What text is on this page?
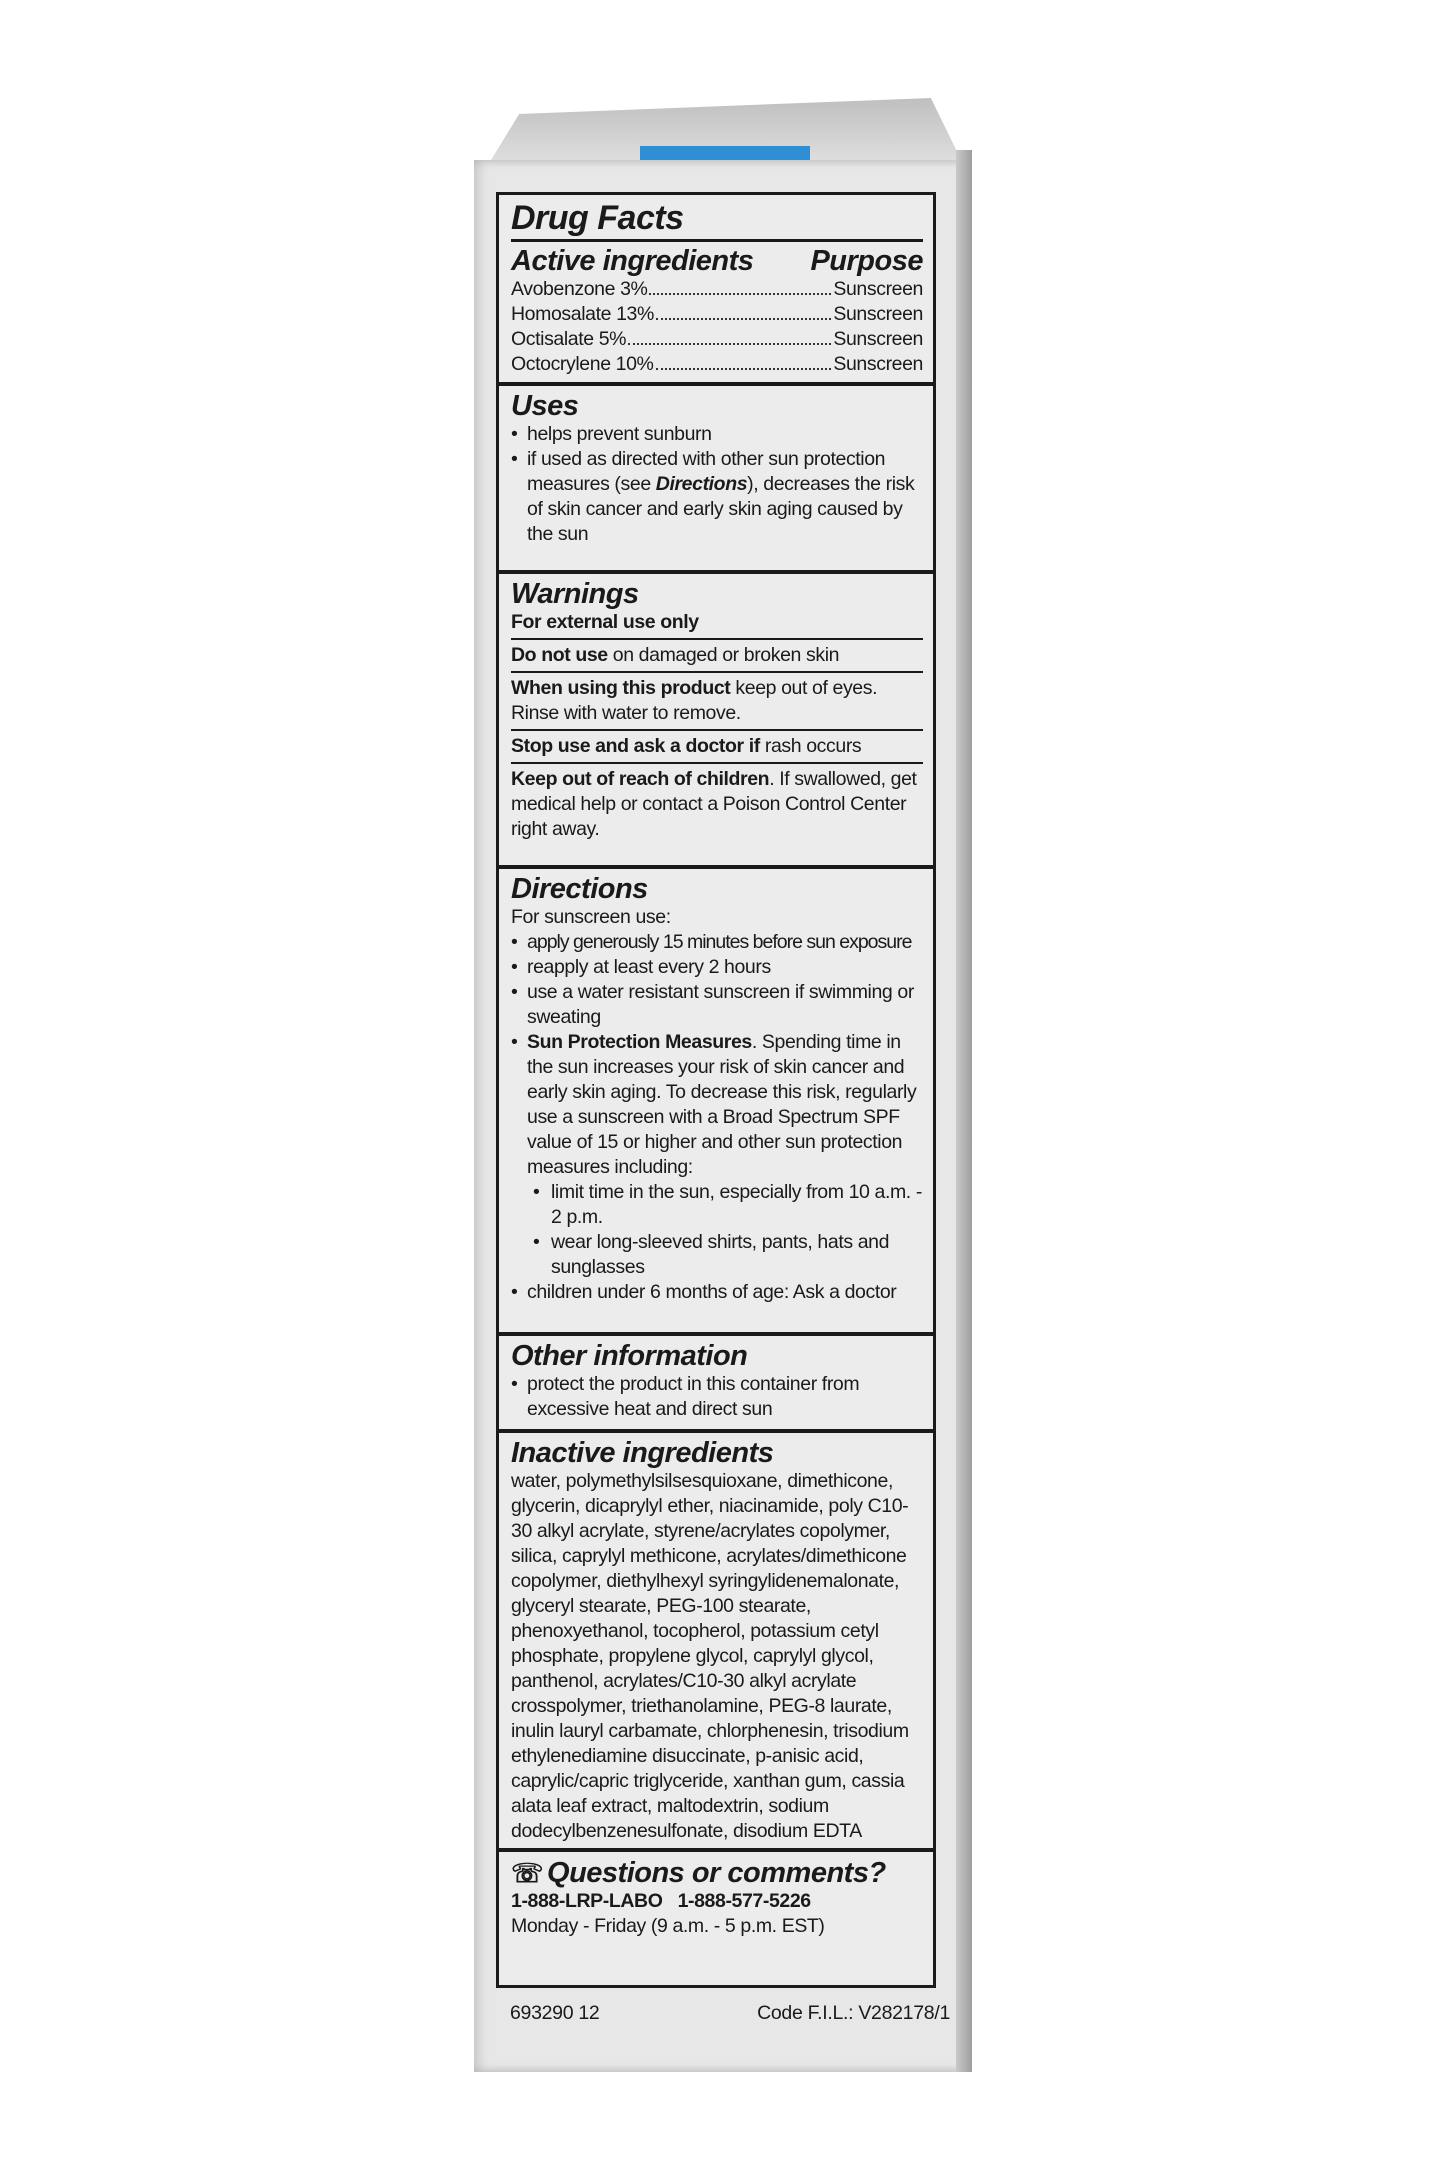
Drug Facts
Active ingredients Purpose
Avobenzone 3%	Sunscreen
Homosalate 13%	Sunscreen
Octisalate 5%	Sunscreen
Octocrylene 10%	Sunscreen
Uses
• helps prevent sunburn
• if used as directed with other sun protection measures (see Directions), decreases the risk of skin cancer and early skin aging caused by the sun
Warnings
For external use only
Do not use on damaged or broken skin
When using this product keep out of eyes. Rinse with water to remove.
Stop use and ask a doctor if rash occurs
Keep out of reach of children. If swallowed, get medical help or contact a Poison Control Center right away.
Directions
For sunscreen use:
• apply generously 15 minutes before sun exposure
• reapply at least every 2 hours
• use a water resistant sunscreen if swimming or sweating
• Sun Protection Measures. Spending time in the sun increases your risk of skin cancer and early skin aging. To decrease this risk, regularly use a sunscreen with a Broad Spectrum SPF value of 15 or higher and other sun protection measures including:
• limit time in the sun, especially from 10 a.m. - 2 p.m.
• wear long-sleeved shirts, pants, hats and sunglasses
• children under 6 months of age: Ask a doctor
Other information
• protect the product in this container from excessive heat and direct sun
Inactive ingredients
water, polymethylsilsesquioxane, dimethicone, glycerin, dicaprylyl ether, niacinamide, poly C10-30 alkyl acrylate, styrene/acrylates copolymer, silica, caprylyl methicone, acrylates/dimethicone copolymer, diethylhexyl syringylidenemalonate, glyceryl stearate, PEG-100 stearate, phenoxyethanol, tocopherol, potassium cetyl phosphate, propylene glycol, caprylyl glycol, panthenol, acrylates/C10-30 alkyl acrylate crosspolymer, triethanolamine, PEG-8 laurate, inulin lauryl carbamate, chlorphenesin, trisodium ethylenediamine disuccinate, p-anisic acid, caprylic/capric triglyceride, xanthan gum, cassia alata leaf extract, maltodextrin, sodium dodecylbenzenesulfonate, disodium EDTA
☏ Questions or comments?
1-888-LRP-LABO 1-888-577-5226
Monday - Friday (9 a.m. - 5 p.m. EST)
693290 12	Code F.I.L.: V282178/1
